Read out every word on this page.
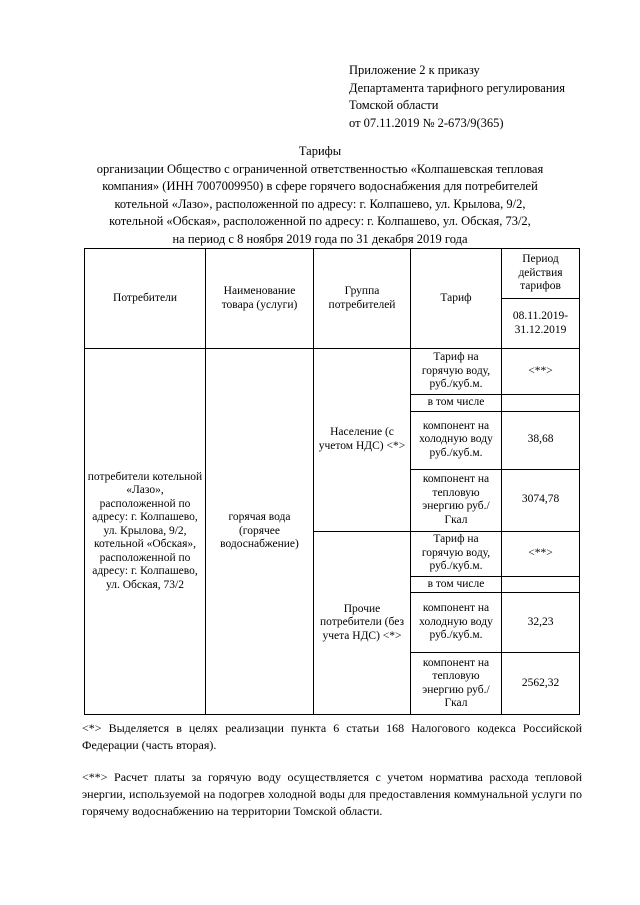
Приложение 2 к приказу
Департамента тарифного регулирования
Томской области
от 07.11.2019 № 2-673/9(365)
Тарифы
организации Общество с ограниченной ответственностью «Колпашевская тепловая
компания» (ИНН 7007009950) в сфере горячего водоснабжения для потребителей
котельной «Лазо», расположенной по адресу: г. Колпашево, ул. Крылова, 9/2,
котельной «Обская», расположенной по адресу: г. Колпашево, ул. Обская, 73/2,
на период с 8 ноября 2019 года по 31 декабря 2019 года
Потребители	Наименование товара (услуги)	Группа потребителей	Тариф	Период действия тарифов
				08.11.2019-31.12.2019
потребители котельной «Лазо», расположенной по адресу: г. Колпашево, ул. Крылова, 9/2, котельной «Обская», расположенной по адресу: г. Колпашево, ул. Обская, 73/2	горячая вода (горячее водоснабжение)	Население (с учетом НДС) <*>	Тариф на горячую воду, руб./куб.м.	<**>
			в том числе	
			компонент на холодную воду руб./куб.м.	38,68
			компонент на тепловую энергию руб./Гкал	3074,78
		Прочие потребители (без учета НДС) <*>	Тариф на горячую воду, руб./куб.м.	<**>
			в том числе	
			компонент на холодную воду руб./куб.м.	32,23
			компонент на тепловую энергию руб./Гкал	2562,32
<*> Выделяется в целях реализации пункта 6 статьи 168 Налогового кодекса Российской Федерации (часть вторая).
<**> Расчет платы за горячую воду осуществляется с учетом норматива расхода тепловой энергии, используемой на подогрев холодной воды для предоставления коммунальной услуги по горячему водоснабжению на территории Томской области.
